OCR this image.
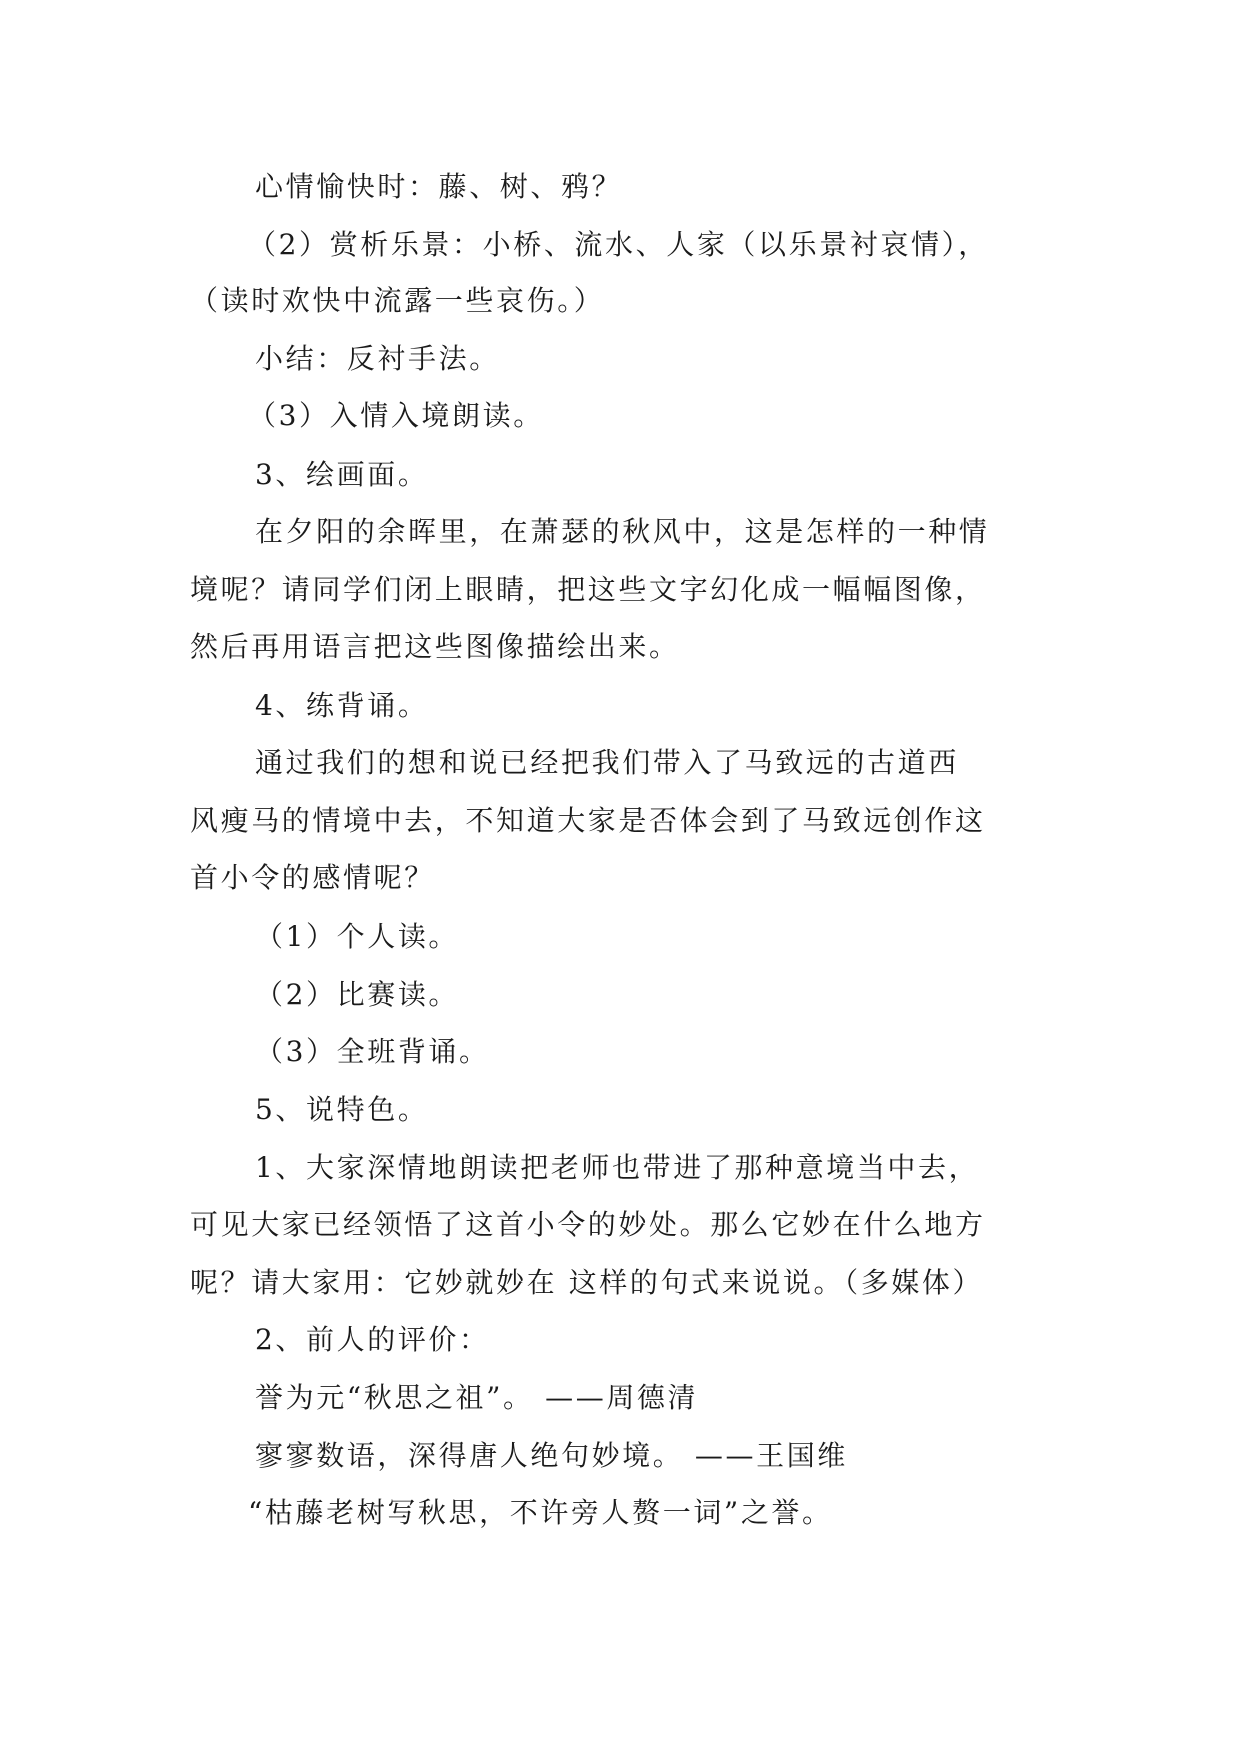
心情愉快时：藤、树、鸦？
（2）赏析乐景：小桥、流水、人家（以乐景衬哀情），
（读时欢快中流露一些哀伤。）
小结：反衬手法。
（3）入情入境朗读。
3、绘画面。
在夕阳的余晖里，在萧瑟的秋风中，这是怎样的一种情
境呢？请同学们闭上眼睛，把这些文字幻化成一幅幅图像，
然后再用语言把这些图像描绘出来。
4、练背诵。
通过我们的想和说已经把我们带入了马致远的古道西
风瘦马的情境中去，不知道大家是否体会到了马致远创作这
首小令的感情呢？
（1）个人读。
（2）比赛读。
（3）全班背诵。
5、说特色。
1、大家深情地朗读把老师也带进了那种意境当中去，
可见大家已经领悟了这首小令的妙处。那么它妙在什么地方
呢？请大家用：它妙就妙在 这样的句式来说说。（多媒体）
2、前人的评价：
誉为元“秋思之祖”。 ——周德清
寥寥数语，深得唐人绝句妙境。 ——王国维
“枯藤老树写秋思，不许旁人赘一词”之誉。
